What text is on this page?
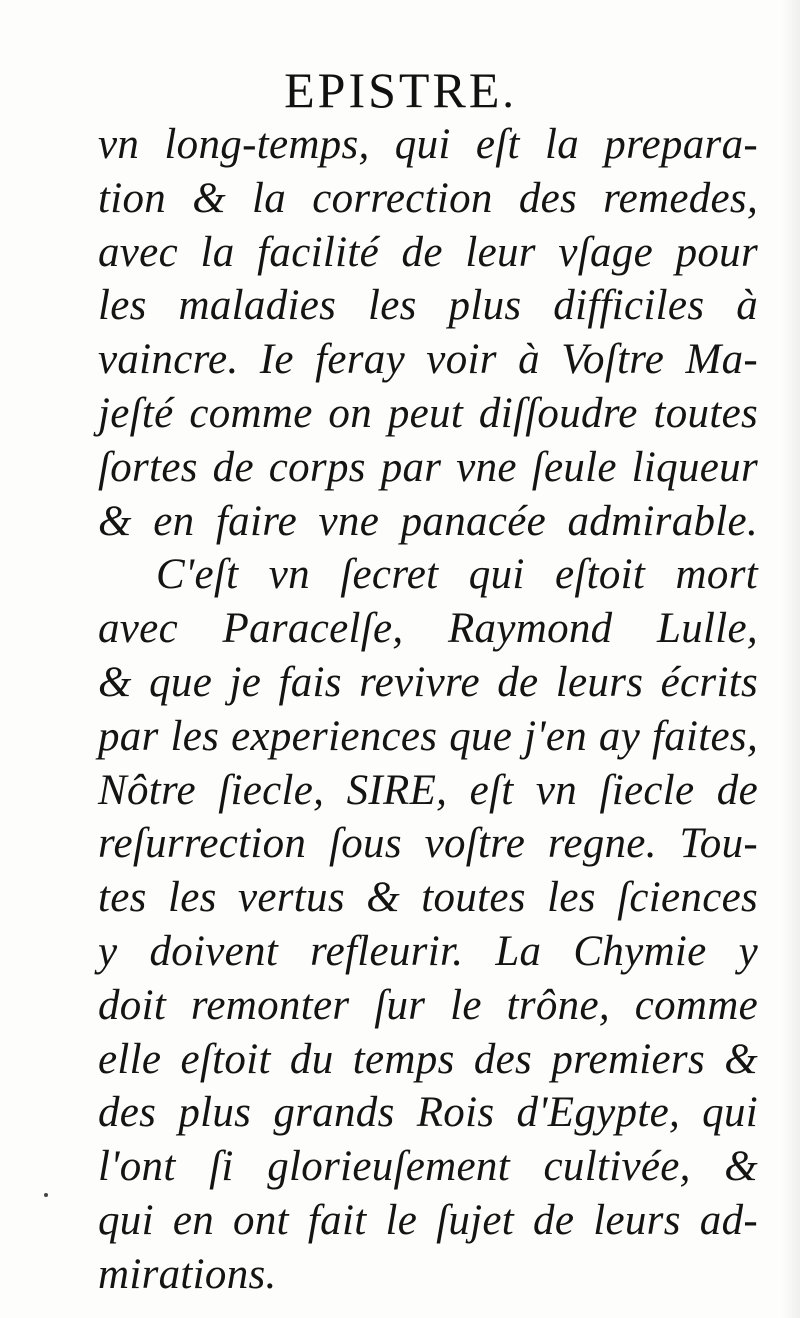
EPISTRE.
vn long-temps, qui eſt la prepara-
tion & la correction des remedes,
avec la facilité de leur vſage pour
les maladies les plus difficiles à
vaincre. Ie feray voir à Voſtre Ma-
jeſté comme on peut diſſoudre toutes
ſortes de corps par vne ſeule liqueur
& en faire vne panacée admirable.
C'eſt vn ſecret qui eſtoit mort
avec Paracelſe, Raymond Lulle,
& que je fais revivre de leurs écrits
par les experiences que j'en ay faites,
Nôtre ſiecle, SIRE, eſt vn ſiecle de
reſurrection ſous voſtre regne. Tou-
tes les vertus & toutes les ſciences
y doivent refleurir. La Chymie y
doit remonter ſur le trône, comme
elle eſtoit du temps des premiers &
des plus grands Rois d'Egypte, qui
l'ont ſi glorieuſement cultivée, &
qui en ont fait le ſujet de leurs ad-
mirations.
